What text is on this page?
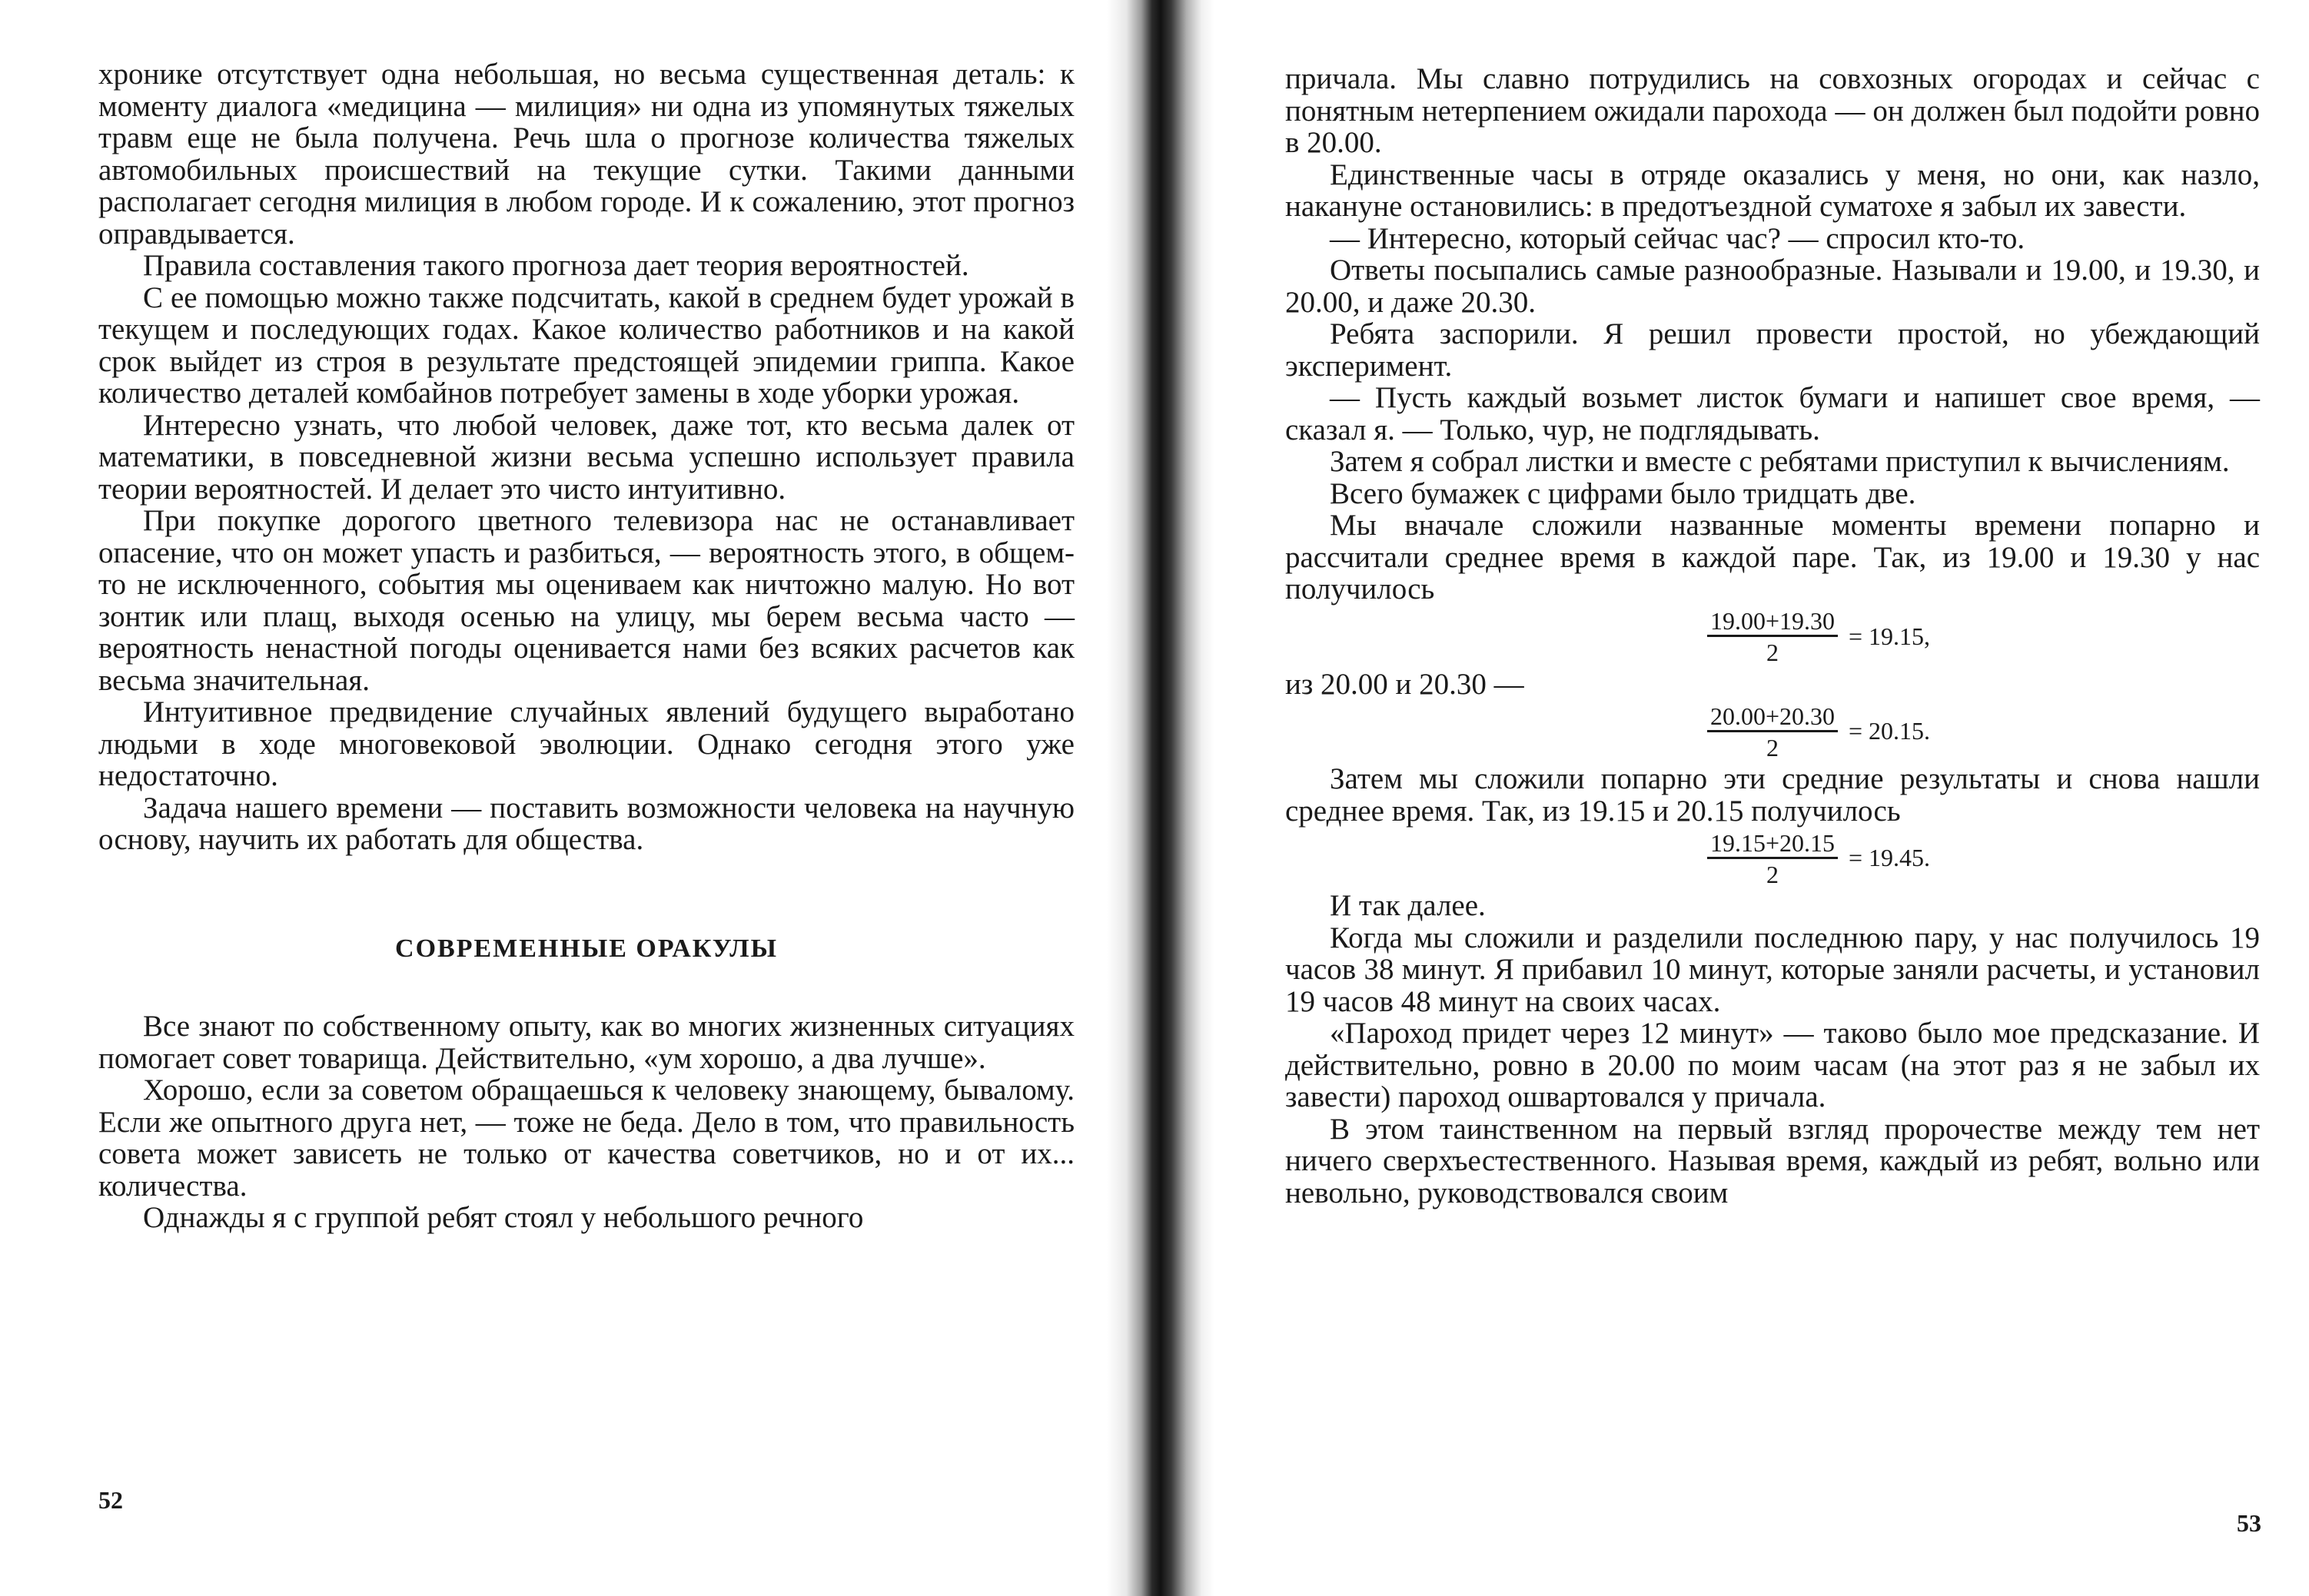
хронике отсутствует одна небольшая, но весьма существенная деталь: к моменту диалога «медицина — милиция» ни одна из упомянутых тяжелых травм еще не была получена. Речь шла о прогнозе количества тяжелых автомобильных происшествий на текущие сутки. Такими данными располагает сегодня милиция в любом городе. И к сожалению, этот прогноз оправдывается.

Правила составления такого прогноза дает теория вероятностей.

С ее помощью можно также подсчитать, какой в среднем будет урожай в текущем и последующих годах. Какое количество работников и на какой срок выйдет из строя в результате предстоящей эпидемии гриппа. Какое количество деталей комбайнов потребует замены в ходе уборки урожая.

Интересно узнать, что любой человек, даже тот, кто весьма далек от математики, в повседневной жизни весьма успешно использует правила теории вероятностей. И делает это чисто интуитивно.

При покупке дорогого цветного телевизора нас не останавливает опасение, что он может упасть и разбиться, — вероятность этого, в общем-то не исключенного, события мы оцениваем как ничтожно малую. Но вот зонтик или плащ, выходя осенью на улицу, мы берем весьма часто — вероятность ненастной погоды оценивается нами без всяких расчетов как весьма значительная.

Интуитивное предвидение случайных явлений будущего выработано людьми в ходе многовековой эволюции. Однако сегодня этого уже недостаточно.

Задача нашего времени — поставить возможности человека на научную основу, научить их работать для общества.

СОВРЕМЕННЫЕ ОРАКУЛЫ

Все знают по собственному опыту, как во многих жизненных ситуациях помогает совет товарища. Действительно, «ум хорошо, а два лучше».

Хорошо, если за советом обращаешься к человеку знающему, бывалому. Если же опытного друга нет, — тоже не беда. Дело в том, что правильность совета может зависеть не только от качества советчиков, но и от их... количества.

Однажды я с группой ребят стоял у небольшого речного

52

причала. Мы славно потрудились на совхозных огородах и сейчас с понятным нетерпением ожидали парохода — он должен был подойти ровно в 20.00.

Единственные часы в отряде оказались у меня, но они, как назло, накануне остановились: в предотъездной суматохе я забыл их завести.

— Интересно, который сейчас час? — спросил кто-то.

Ответы посыпались самые разнообразные. Называли и 19.00, и 19.30, и 20.00, и даже 20.30.

Ребята заспорили. Я решил провести простой, но убеждающий эксперимент.

— Пусть каждый возьмет листок бумаги и напишет свое время, — сказал я. — Только, чур, не подглядывать.

Затем я собрал листки и вместе с ребятами приступил к вычислениям.

Всего бумажек с цифрами было тридцать две.

Мы вначале сложили названные моменты времени попарно и рассчитали среднее время в каждой паре. Так, из 19.00 и 19.30 у нас получилось

$\frac{19.00+19.30}{2} = 19.15$,

из 20.00 и 20.30 —

$\frac{20.00+20.30}{2} = 20.15$.

Затем мы сложили попарно эти средние результаты и снова нашли среднее время. Так, из 19.15 и 20.15 получилось

$\frac{19.15+20.15}{2} = 19.45$.

И так далее.

Когда мы сложили и разделили последнюю пару, у нас получилось 19 часов 38 минут. Я прибавил 10 минут, которые заняли расчеты, и установил 19 часов 48 минут на своих часах.

«Пароход придет через 12 минут» — таково было мое предсказание. И действительно, ровно в 20.00 по моим часам (на этот раз я не забыл их завести) пароход ошвартовался у причала.

В этом таинственном на первый взгляд пророчестве между тем нет ничего сверхъестественного. Называя время, каждый из ребят, вольно или невольно, руководствовался своим

53
